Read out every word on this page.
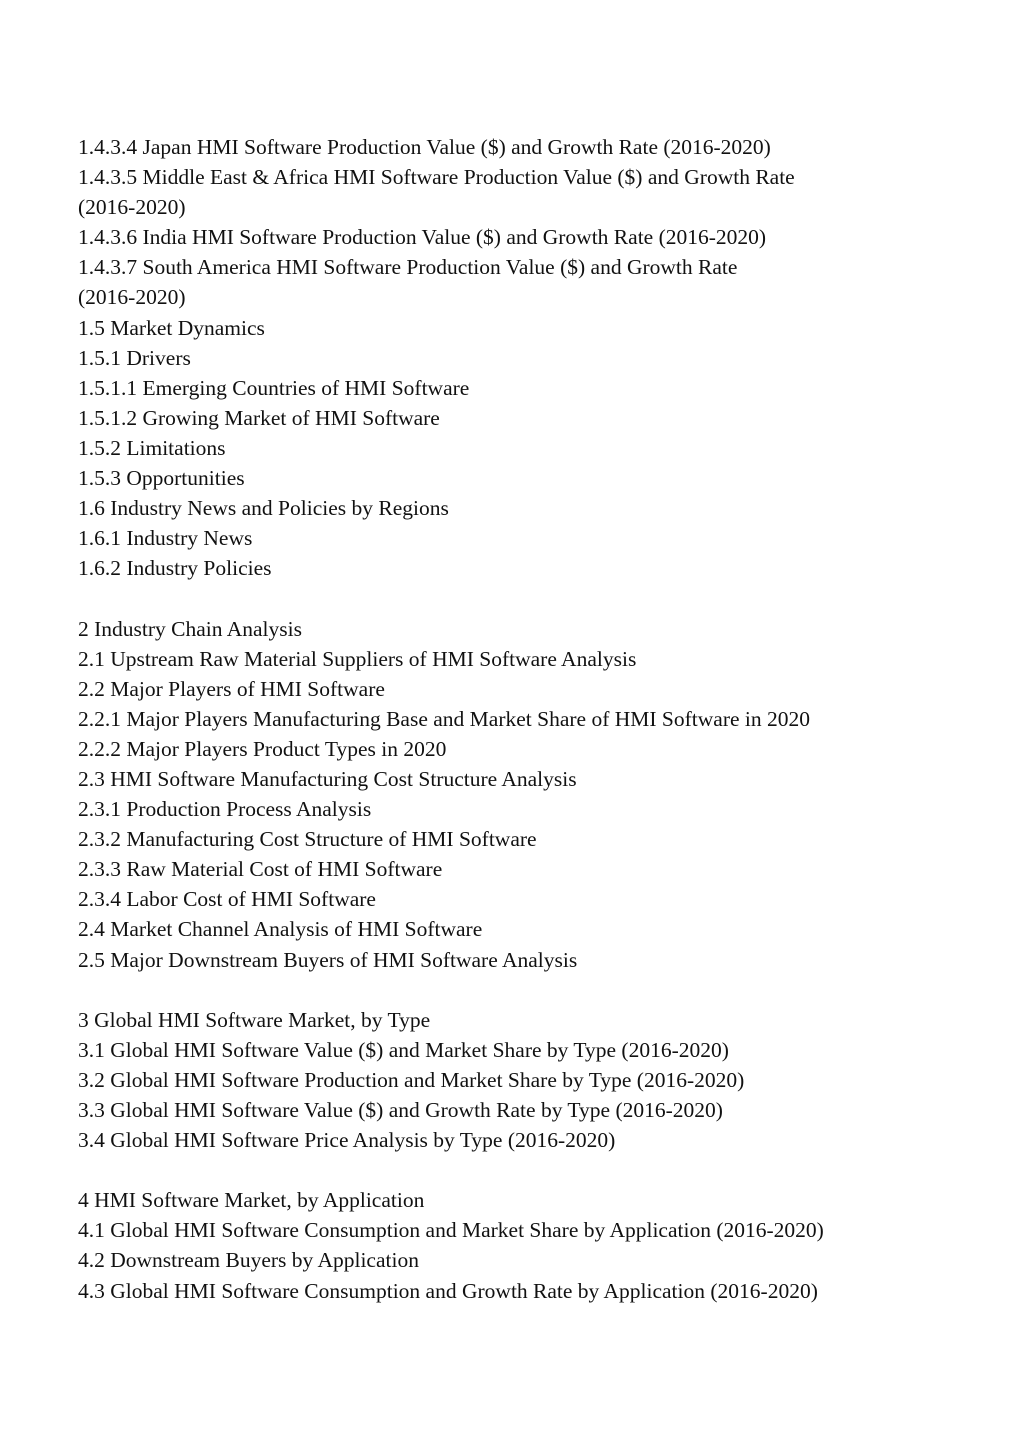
1.4.3.4 Japan HMI Software Production Value ($) and Growth Rate (2016-2020)
1.4.3.5 Middle East & Africa HMI Software Production Value ($) and Growth Rate
(2016-2020)
1.4.3.6 India HMI Software Production Value ($) and Growth Rate (2016-2020)
1.4.3.7 South America HMI Software Production Value ($) and Growth Rate
(2016-2020)
1.5 Market Dynamics
1.5.1 Drivers
1.5.1.1 Emerging Countries of HMI Software
1.5.1.2 Growing Market of HMI Software
1.5.2 Limitations
1.5.3 Opportunities
1.6 Industry News and Policies by Regions
1.6.1 Industry News
1.6.2 Industry Policies
2 Industry Chain Analysis
2.1 Upstream Raw Material Suppliers of HMI Software Analysis
2.2 Major Players of HMI Software
2.2.1 Major Players Manufacturing Base and Market Share of HMI Software in 2020
2.2.2 Major Players Product Types in 2020
2.3 HMI Software Manufacturing Cost Structure Analysis
2.3.1 Production Process Analysis
2.3.2 Manufacturing Cost Structure of HMI Software
2.3.3 Raw Material Cost of HMI Software
2.3.4 Labor Cost of HMI Software
2.4 Market Channel Analysis of HMI Software
2.5 Major Downstream Buyers of HMI Software Analysis
3 Global HMI Software Market, by Type
3.1 Global HMI Software Value ($) and Market Share by Type (2016-2020)
3.2 Global HMI Software Production and Market Share by Type (2016-2020)
3.3 Global HMI Software Value ($) and Growth Rate by Type (2016-2020)
3.4 Global HMI Software Price Analysis by Type (2016-2020)
4 HMI Software Market, by Application
4.1 Global HMI Software Consumption and Market Share by Application (2016-2020)
4.2 Downstream Buyers by Application
4.3 Global HMI Software Consumption and Growth Rate by Application (2016-2020)
